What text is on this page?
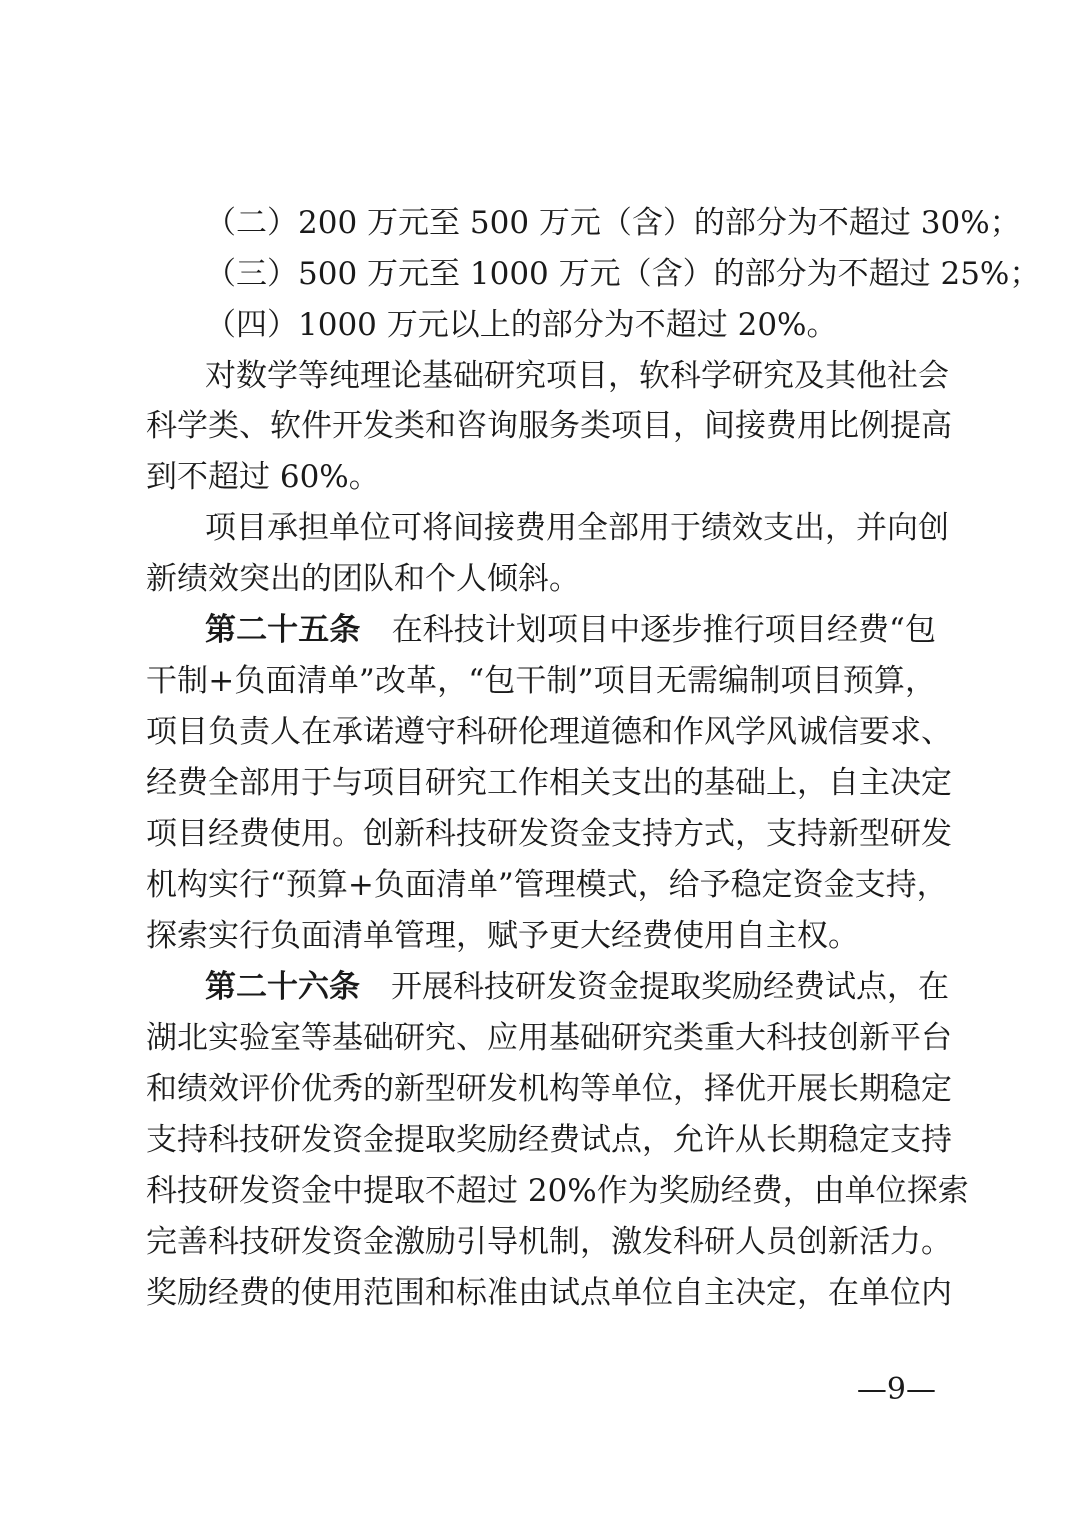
（二）200 万元至 500 万元（含）的部分为不超过 30%；
（三）500 万元至 1000 万元（含）的部分为不超过 25%；
（四）1000 万元以上的部分为不超过 20%。
对数学等纯理论基础研究项目，软科学研究及其他社会
科学类、软件开发类和咨询服务类项目，间接费用比例提高
到不超过 60%。
项目承担单位可将间接费用全部用于绩效支出，并向创
新绩效突出的团队和个人倾斜。
第二十五条　 在科技计划项目中逐步推行项目经费“包
干制+负面清单”改革，“包干制”项目无需编制项目预算，
项目负责人在承诺遵守科研伦理道德和作风学风诚信要求、
经费全部用于与项目研究工作相关支出的基础上，自主决定
项目经费使用。创新科技研发资金支持方式，支持新型研发
机构实行“预算+负面清单”管理模式，给予稳定资金支持，
探索实行负面清单管理，赋予更大经费使用自主权。
第二十六条　 开展科技研发资金提取奖励经费试点，在
湖北实验室等基础研究、应用基础研究类重大科技创新平台
和绩效评价优秀的新型研发机构等单位，择优开展长期稳定
支持科技研发资金提取奖励经费试点，允许从长期稳定支持
科技研发资金中提取不超过 20%作为奖励经费，由单位探索
完善科技研发资金激励引导机制，激发科研人员创新活力。
奖励经费的使用范围和标准由试点单位自主决定，在单位内
—9—
